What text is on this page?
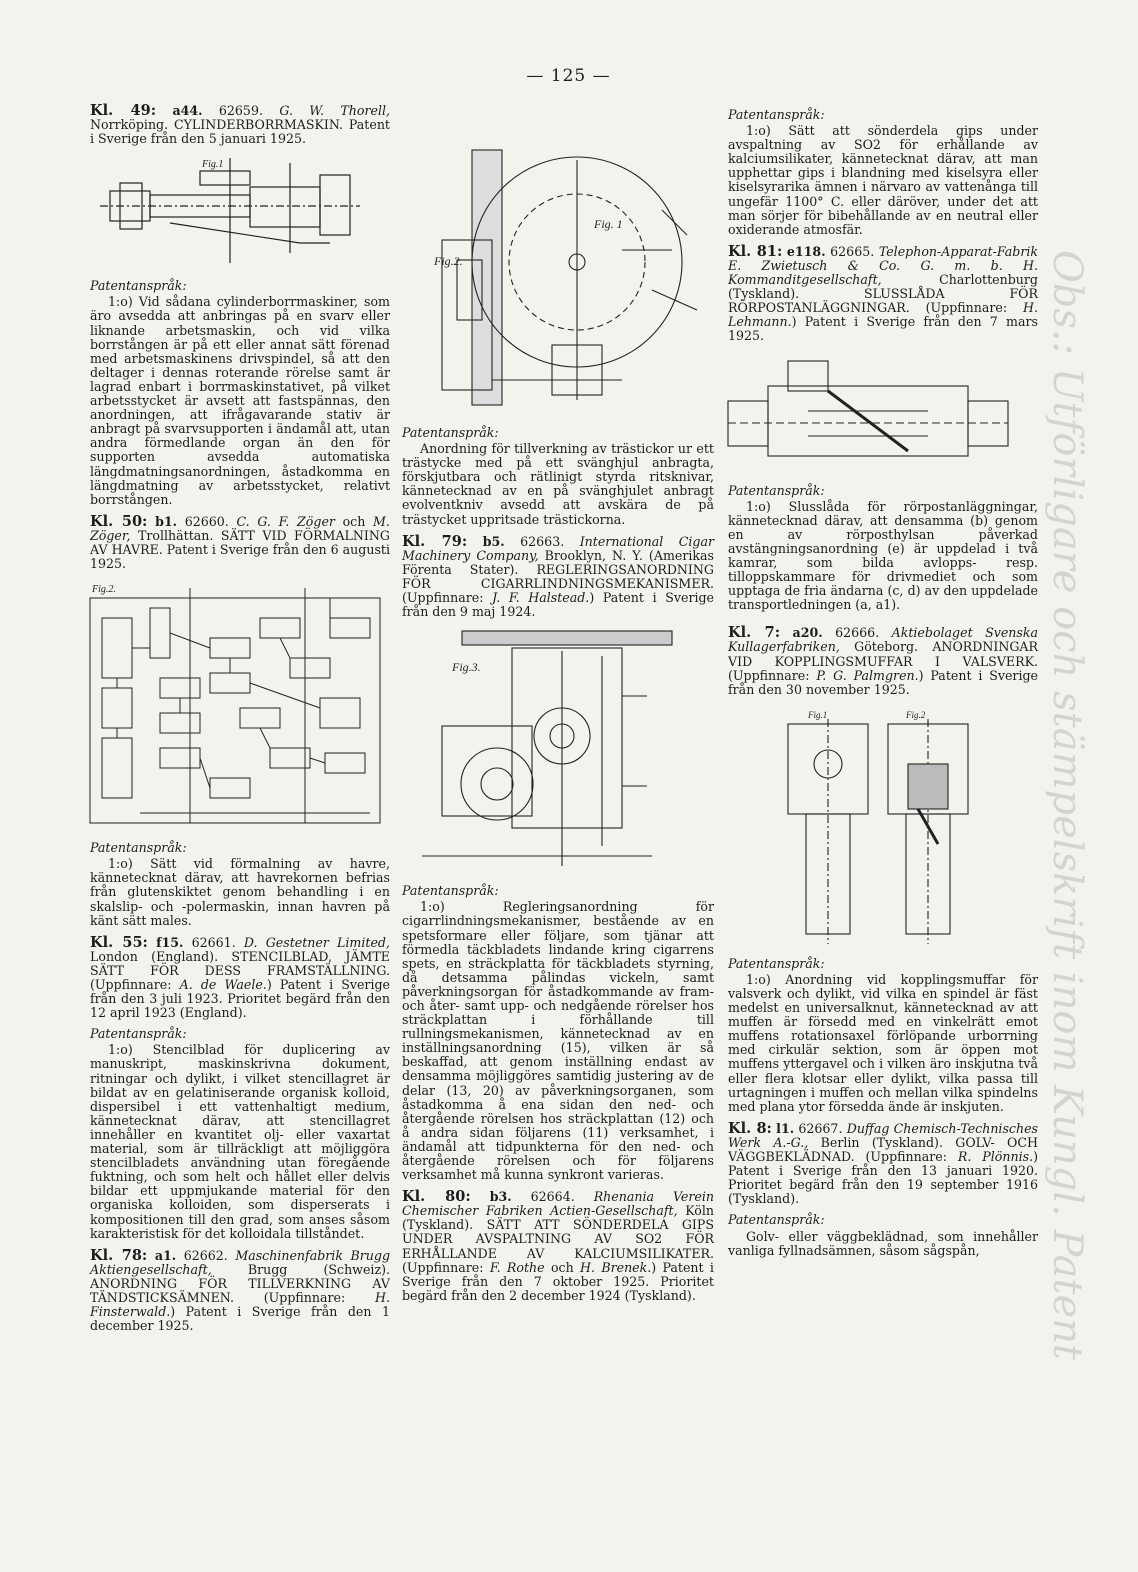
— 125 —
Kl. 49: a44. 62659. G. W. Thorell, Norrköping. CYLINDERBORRMASKIN. Patent i Sverige från den 5 januari 1925.
Fig.1
Patentanspråk:
1:o) Vid sådana cylinderborrmaskiner, som äro avsedda att anbringas på en svarv eller liknande arbetsmaskin, och vid vilka borrstången är på ett eller annat sätt förenad med arbetsmaskinens drivspindel, så att den deltager i dennas roterande rörelse samt är lagrad enbart i borrmaskinstativet, på vilket arbetsstycket är avsett att fastspännas, den anordningen, att ifrågavarande stativ är anbragt på svarvsupporten i ändamål att, utan andra förmedlande organ än den för supporten avsedda automatiska längdmatningsanordningen, åstadkomma en längdmatning av arbetsstycket, relativt borrstången.
Kl. 50: b1. 62660. C. G. F. Zöger och M. Zöger, Trollhättan. SÄTT VID FÖRMALNING AV HAVRE. Patent i Sverige från den 6 augusti 1925.
Fig.2.
Patentanspråk:
1:o) Sätt vid förmalning av havre, kännetecknat därav, att havrekornen befrias från glutenskiktet genom behandling i en skalslip- och -polermaskin, innan havren på känt sätt males.
Kl. 55: f15. 62661. D. Gestetner Limited, London (England). STENCILBLAD, JÄMTE SÄTT FÖR DESS FRAMSTÄLLNING. (Uppfinnare: A. de Waele.) Patent i Sverige från den 3 juli 1923. Prioritet begärd från den 12 april 1923 (England).
Patentanspråk:
1:o) Stencilblad för duplicering av manuskript, maskinskrivna dokument, ritningar och dylikt, i vilket stencillagret är bildat av en gelatiniserande organisk kolloid, dispersibel i ett vattenhaltigt medium, kännetecknat därav, att stencillagret innehåller en kvantitet olj- eller vaxartat material, som är tillräckligt att möjliggöra stencilbladets användning utan föregående fuktning, och som helt och hållet eller delvis bildar ett uppmjukande material för den organiska kolloiden, som disperserats i kompositionen till den grad, som anses såsom karakteristisk för det kolloidala tillståndet.
Kl. 78: a1. 62662. Maschinenfabrik Brugg Aktiengesellschaft,	Brugg (Schweiz). ANORDNING FÖR TILLVERKNING AV TÄNDSTICKSÄMNEN. (Uppfinnare: H. Finsterwald.) Patent i Sverige från den 1 december 1925.
Fig. 1
Fig.2.
Patentanspråk:
Anordning för tillverkning av trästickor ur ett trästycke med på ett svänghjul anbragta, förskjutbara och rätlinigt styrda ritsknivar, kännetecknad av en på svänghjulet anbragt evolventkniv avsedd att avskära de på trästycket uppritsade trästickorna.
Kl. 79: b5. 62663. International Cigar Machinery Company, Brooklyn, N. Y. (Amerikas Förenta Stater). REGLERINGSANORDNING FÖR CIGARRLINDNINGSMEKANISMER. (Uppfinnare: J. F. Halstead.) Patent i Sverige från den 9 maj 1924.
Fig.3.
Patentanspråk:
1:o) Regleringsanordning för cigarrlindningsmekanismer, bestående av en spetsformare eller följare, som tjänar att förmedla täckbladets lindande kring cigarrens spets, en sträckplatta för täckbladets styrning, då detsamma pålindas vickeln, samt påverkningsorgan för åstadkommande av fram- och åter- samt upp- och nedgående rörelser hos sträckplattan i förhållande till rullningsmekanismen, kännetecknad av en inställningsanordning (15), vilken är så beskaffad, att genom inställning endast av densamma möjliggöres samtidig justering av de delar (13, 20) av påverkningsorganen, som åstadkomma å ena sidan den ned- och återgående rörelsen hos sträckplattan (12) och å andra sidan följarens (11) verksamhet, i ändamål att tidpunkterna för den ned- och återgående rörelsen och för följarens verksamhet må kunna synkront varieras.
Kl. 80: b3. 62664. Rhenania Verein Chemischer Fabriken Actien-Gesellschaft, Köln (Tyskland). SÄTT ATT SÖNDERDELA GIPS UNDER AVSPALTNING AV SO2 FÖR ERHÅLLANDE AV KALCIUMSILIKATER. (Uppfinnare: F. Rothe och H. Brenek.) Patent i Sverige från den 7 oktober 1925. Prioritet begärd från den 2 december 1924 (Tyskland).
Patentanspråk:
1:o) Sätt att sönderdela gips under avspaltning av SO2 för erhållande av kalciumsilikater, kännetecknat därav, att man upphettar gips i blandning med kiselsyra eller kiselsyrarika ämnen i närvaro av vattenånga till ungefär 1100° C. eller däröver, under det att man sörjer för bibehållande av en neutral eller oxiderande atmosfär.
Kl. 81: e118. 62665. Telephon-Apparat-Fabrik E. Zwietusch & Co. G. m. b. H. Kommanditgesellschaft,	Charlottenburg (Tyskland). SLUSSLÅDA FÖR RÖRPOSTANLÄGGNINGAR. (Uppfinnare: H. Lehmann.) Patent i Sverige från den 7 mars 1925.
Patentanspråk:
1:o) Slusslåda för rörpostanläggningar, kännetecknad därav, att densamma (b) genom en av rörposthylsan påverkad avstängningsanordning (e) är uppdelad i två kamrar, som bilda avlopps- resp. tilloppskammare för drivmediet och som upptaga de fria ändarna (c, d) av den uppdelade transportledningen (a, a1).
Kl. 7: a20. 62666. Aktiebolaget Svenska Kullagerfabriken, Göteborg. ANORDNINGAR VID KOPPLINGSMUFFAR I VALSVERK. (Uppfinnare: P. G. Palmgren.) Patent i Sverige från den 30 november 1925.
Fig.1	Fig.2
Patentanspråk:
1:o) Anordning vid kopplingsmuffar för valsverk och dylikt, vid vilka en spindel är fäst medelst en universalknut, kännetecknad av att muffen är försedd med en vinkelrätt emot muffens rotationsaxel förlöpande urborrning med cirkulär sektion, som är öppen mot muffens yttergavel och i vilken äro inskjutna två eller flera klotsar eller dylikt, vilka passa till urtagningen i muffen och mellan vilka spindelns med plana ytor försedda ände är inskjuten.
Kl. 8: l1. 62667. Duffag Chemisch-Technisches Werk A.-G., Berlin (Tyskland). GOLV- OCH VÄGGBEKLÄDNAD. (Uppfinnare: R. Plönnis.) Patent i Sverige från den 13 januari 1920. Prioritet begärd från den 19 september 1916 (Tyskland).
Patentanspråk:
Golv- eller väggbeklädnad, som innehåller vanliga fyllnadsämnen, såsom sågspån,	Obs.: Utförligare och stämpelskrift inom Kungl. Patent
